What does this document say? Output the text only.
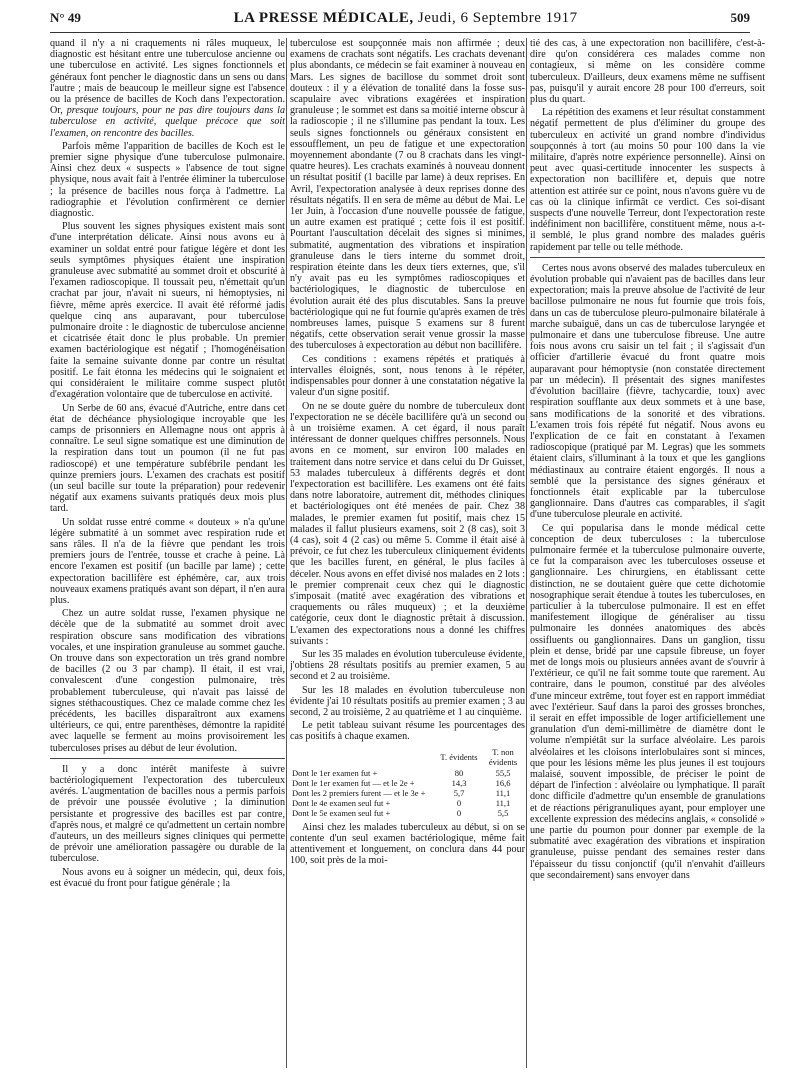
N° 49	LA PRESSE MÉDICALE, Jeudi, 6 Septembre 1917	509

quand il n'y a ni craquements ni râles muqueux, le diagnostic est hésitant entre une tuberculose ancienne ou une tuberculose en activité. Les signes fonctionnels et généraux font pencher le diagnostic dans un sens ou dans l'autre ; mais de beaucoup le meilleur signe est l'absence ou la présence de bacilles de Koch dans l'expectoration. Or, presque toujours, pour ne pas dire toujours dans la tuberculose en activité, quelque précoce que soit l'examen, on rencontre des bacilles.

Parfois même l'apparition de bacilles de Koch est le premier signe physique d'une tuberculose pulmonaire. Ainsi chez deux « suspects » l'absence de tout signe physique, nous avait fait à l'entrée éliminer la tuberculose ; la présence de bacilles nous força à l'admettre. La radiographie et l'évolution confirmèrent ce dernier diagnostic.

Plus souvent les signes physiques existent mais sont d'une interprétation délicate. Ainsi nous avons eu à examiner un soldat entré pour fatigue légère et dont les seuls symptômes physiques étaient une inspiration granuleuse avec submatité au sommet droit et obscurité à l'examen radioscopique. Il toussait peu, n'émettait qu'un crachat par jour, n'avait ni sueurs, ni hémoptysies, ni fièvre, même après exercice. Il avait été réformé jadis quelque cinq ans auparavant, pour tuberculose pulmonaire droite : le diagnostic de tuberculose ancienne et cicatrisée était donc le plus probable. Un premier examen bactériologique est négatif ; l'homogénéisation faite la semaine suivante donne par contre un résultat positif. Le fait étonna les médecins qui le soignaient et qui considéraient le militaire comme suspect plutôt d'exagération volontaire que de tuberculose en activité.

Un Serbe de 60 ans, évacué d'Autriche, entre dans cet état de déchéance physiologique incroyable que les camps de prisonniers en Allemagne nous ont appris à connaître. Le seul signe somatique est une diminution de la respiration dans tout un poumon (il ne fut pas radioscopé) et une température subfébrile pendant les quinze premiers jours. L'examen des crachats est positif (un seul bacille sur toute la préparation) pour redevenir négatif aux examens suivants pratiqués deux mois plus tard.

Un soldat russe entré comme « douteux » n'a qu'une légère submatité à un sommet avec respiration rude et sans râles. Il n'a de la fièvre que pendant les trois premiers jours de l'entrée, tousse et crache à peine. Là encore l'examen est positif (un bacille par lame) ; cette expectoration bacillifère est éphémère, car, aux trois nouveaux examens pratiqués avant son départ, il n'en aura plus.

Chez un autre soldat russe, l'examen physique ne décèle que de la submatité au sommet droit avec respiration obscure sans modification des vibrations vocales, et une inspiration granuleuse au sommet gauche. On trouve dans son expectoration un très grand nombre de bacilles (2 ou 3 par champ). Il était, il est vrai, convalescent d'une congestion pulmonaire, très probablement tuberculeuse, qui n'avait pas laissé de signes stéthacoustiques. Chez ce malade comme chez les précédents, les bacilles disparaîtront aux examens ultérieurs, ce qui, entre parenthèses, démontre la rapidité avec laquelle se ferment au moins provisoirement les tuberculoses prises au début de leur évolution.

Il y a donc intérêt manifeste à suivre bactériologiquement l'expectoration des tuberculeux avérés. L'augmentation de bacilles nous a permis parfois de prévoir une poussée évolutive ; la diminution persistante et progressive des bacilles est par contre, d'après nous, et malgré ce qu'admettent un certain nombre d'auteurs, un des meilleurs signes cliniques qui permette de prévoir une amélioration passagère ou durable de la tuberculose.

Nous avons eu à soigner un médecin, qui, deux fois, est évacué du front pour fatigue générale ; la

tuberculose est soupçonnée mais non affirmée ; deux examens de crachats sont négatifs. Les crachats devenant plus abondants, ce médecin se fait examiner à nouveau en Mars. Les signes de bacillose du sommet droit sont douteux : il y a élévation de tonalité dans la fosse sus-scapulaire avec vibrations exagérées et inspiration granuleuse ; le sommet est dans sa moitié interne obscur à la radioscopie ; il ne s'illumine pas pendant la toux. Les seuls signes fonctionnels ou généraux consistent en essoufflement, un peu de fatigue et une expectoration moyennement abondante (7 ou 8 crachats dans les vingt-quatre heures). Les crachats examinés à nouveau donnent un résultat positif (1 bacille par lame) à deux reprises. En Avril, l'expectoration analysée à deux reprises donne des résultats négatifs. Il en sera de même au début de Mai. Le 1er Juin, à l'occasion d'une nouvelle poussée de fatigue, un autre examen est pratiqué ; cette fois il est positif. Pourtant l'auscultation décelait des signes si minimes, submatité, augmentation des vibrations et inspiration granuleuse dans le tiers interne du sommet droit, respiration éteinte dans les deux tiers externes, que, s'il n'y avait pas eu les symptômes radioscopiques et bactériologiques, le diagnostic de tuberculose en évolution aurait été des plus discutables. Sans la preuve bactériologique qui ne fut fournie qu'après examen de très nombreuses lames, puisque 5 examens sur 8 furent négatifs, cette observation serait venue grossir la masse des tuberculoses à expectoration au début non bacillifère.

Ces conditions : examens répétés et pratiqués à intervalles éloignés, sont, nous tenons à le répéter, indispensables pour donner à une constatation négative la valeur d'un signe positif.

On ne se doute guère du nombre de tuberculeux dont l'expectoration ne se décèle bacillifère qu'à un second ou à un troisième examen. A cet égard, il nous paraît intéressant de donner quelques chiffres personnels. Nous avons en ce moment, sur environ 100 malades en traitement dans notre service et dans celui du Dr Guisset, 53 malades tuberculeux à différents degrés et dont l'expectoration est bacillifère. Les examens ont été faits dans notre laboratoire, autrement dit, méthodes cliniques et bactériologiques ont été menées de pair. Chez 38 malades, le premier examen fut positif, mais chez 15 malades il fallut plusieurs examens, soit 2 (8 cas), soit 3 (4 cas), soit 4 (2 cas) ou même 5. Comme il était aisé à prévoir, ce fut chez les tuberculeux cliniquement évidents que les bacilles furent, en général, le plus faciles à déceler. Nous avons en effet divisé nos malades en 2 lots : le premier comprenait ceux chez qui le diagnostic s'imposait (matité avec exagération des vibrations et craquements ou râles muqueux) ; et la deuxième catégorie, ceux dont le diagnostic prêtait à discussion. L'examen des expectorations nous a donné les chiffres suivants :

Sur les 35 malades en évolution tuberculeuse évidente, j'obtiens 28 résultats positifs au premier examen, 5 au second et 2 au troisième.

Sur les 18 malades en évolution tuberculeuse non évidente j'ai 10 résultats positifs au premier examen ; 3 au second, 2 au troisième, 2 au quatrième et 1 au cinquième.

Le petit tableau suivant résume les pourcentages des cas positifs à chaque examen.

	T. évidents	T. non évidents
Dont le 1er examen fut +	80	55,5
Dont le 1er examen fut — et le 2e +	14,3	16,6
Dont les 2 premiers furent — et le 3e +	5,7	11,1
Dont le 4e examen seul fut +	0	11,1
Dont le 5e examen seul fut +	0	5,5

Ainsi chez les malades tuberculeux au début, si on se contente d'un seul examen bactériologique, même fait attentivement et longuement, on conclura dans 44 pour 100, soit près de la moi-

tié des cas, à une expectoration non bacillifère, c'est-à-dire qu'on considérera ces malades comme non contagieux, si même on les considère comme tuberculeux. D'ailleurs, deux examens même ne suffisent pas, puisqu'il y aurait encore 28 pour 100 d'erreurs, soit plus du quart.

La répétition des examens et leur résultat constamment négatif permettent de plus d'éliminer du groupe des tuberculeux en activité un grand nombre d'individus soupçonnés à tort (au moins 50 pour 100 dans la vie militaire, d'après notre expérience personnelle). Ainsi on peut avec quasi-certitude innocenter les suspects à expectoration non bacillifère et, depuis que notre attention est attirée sur ce point, nous n'avons guère vu de cas où la clinique infirmât ce verdict. Ces soi-disant suspects d'une nouvelle Terreur, dont l'expectoration reste indéfiniment non bacillifère, constituent même, nous a-t-il semblé, le plus grand nombre des malades guéris rapidement par telle ou telle méthode.

Certes nous avons observé des malades tuberculeux en évolution probable qui n'avaient pas de bacilles dans leur expectoration; mais la preuve absolue de l'activité de leur bacillose pulmonaire ne nous fut fournie que trois fois, dans un cas de tuberculose pleuro-pulmonaire bilatérale à marche subaiguë, dans un cas de tuberculose laryngée et pulmonaire et dans une tuberculose fibreuse. Une autre fois nous avons cru saisir un tel fait ; il s'agissait d'un officier d'artillerie évacué du front quatre mois auparavant pour hémoptysie (non constatée directement par un médecin). Il présentait des signes manifestes d'évolution bacillaire (fièvre, tachycardie, toux) avec respiration soufflante aux deux sommets et à une base, sans modifications de la sonorité et des vibrations. L'examen trois fois répété fut négatif. Nous avons eu l'explication de ce fait en constatant à l'examen radioscopique (pratiqué par M. Legras) que les sommets étaient clairs, s'illuminant à la toux et que les ganglions médiastinaux au contraire étaient engorgés. Il nous a semblé que la persistance des signes généraux et fonctionnels était explicable par la tuberculose ganglionnaire. Dans d'autres cas comparables, il s'agit d'une tuberculose pleurale en activité.

Ce qui popularisa dans le monde médical cette conception de deux tuberculoses : la tuberculose pulmonaire fermée et la tuberculose pulmonaire ouverte, ce fut la comparaison avec les tuberculoses osseuse et ganglionnaire. Les chirurgiens, en établissant cette distinction, ne se doutaient guère que cette dichotomie nosographique serait étendue à toutes les tuberculoses, en particulier à la tuberculose pulmonaire. Il est en effet manifestement illogique de généraliser au tissu pulmonaire les données anatomiques des abcès ossifluents ou ganglionnaires. Dans un ganglion, tissu plein et dense, bridé par une capsule fibreuse, un foyer met de longs mois ou plusieurs années avant de s'ouvrir à l'extérieur, ce qu'il ne fait somme toute que rarement. Au contraire, dans le poumon, constitué par des alvéoles d'une minceur extrême, tout foyer est en rapport immédiat avec l'extérieur. Sauf dans la paroi des grosses bronches, il serait en effet impossible de loger artificiellement une granulation d'un demi-millimètre de diamètre dont le volume n'empiétât sur la surface alvéolaire. Les parois alvéolaires et les cloisons interlobulaires sont si minces, que pour les lésions même les plus jeunes il est toujours malaisé, souvent impossible, de préciser le point de départ de l'infection : alvéolaire ou lymphatique. Il paraît donc difficile d'admettre qu'un ensemble de granulations et de réactions périgranuliques ayant, pour employer une excellente expression des médecins anglais, « consolidé » une partie du poumon pour donner par exemple de la submatité avec exagération des vibrations et inspiration granuleuse, puisse pendant des semaines rester dans l'épaisseur du tissu conjonctif (qu'il n'envahit d'ailleurs que secondairement) sans envoyer dans
